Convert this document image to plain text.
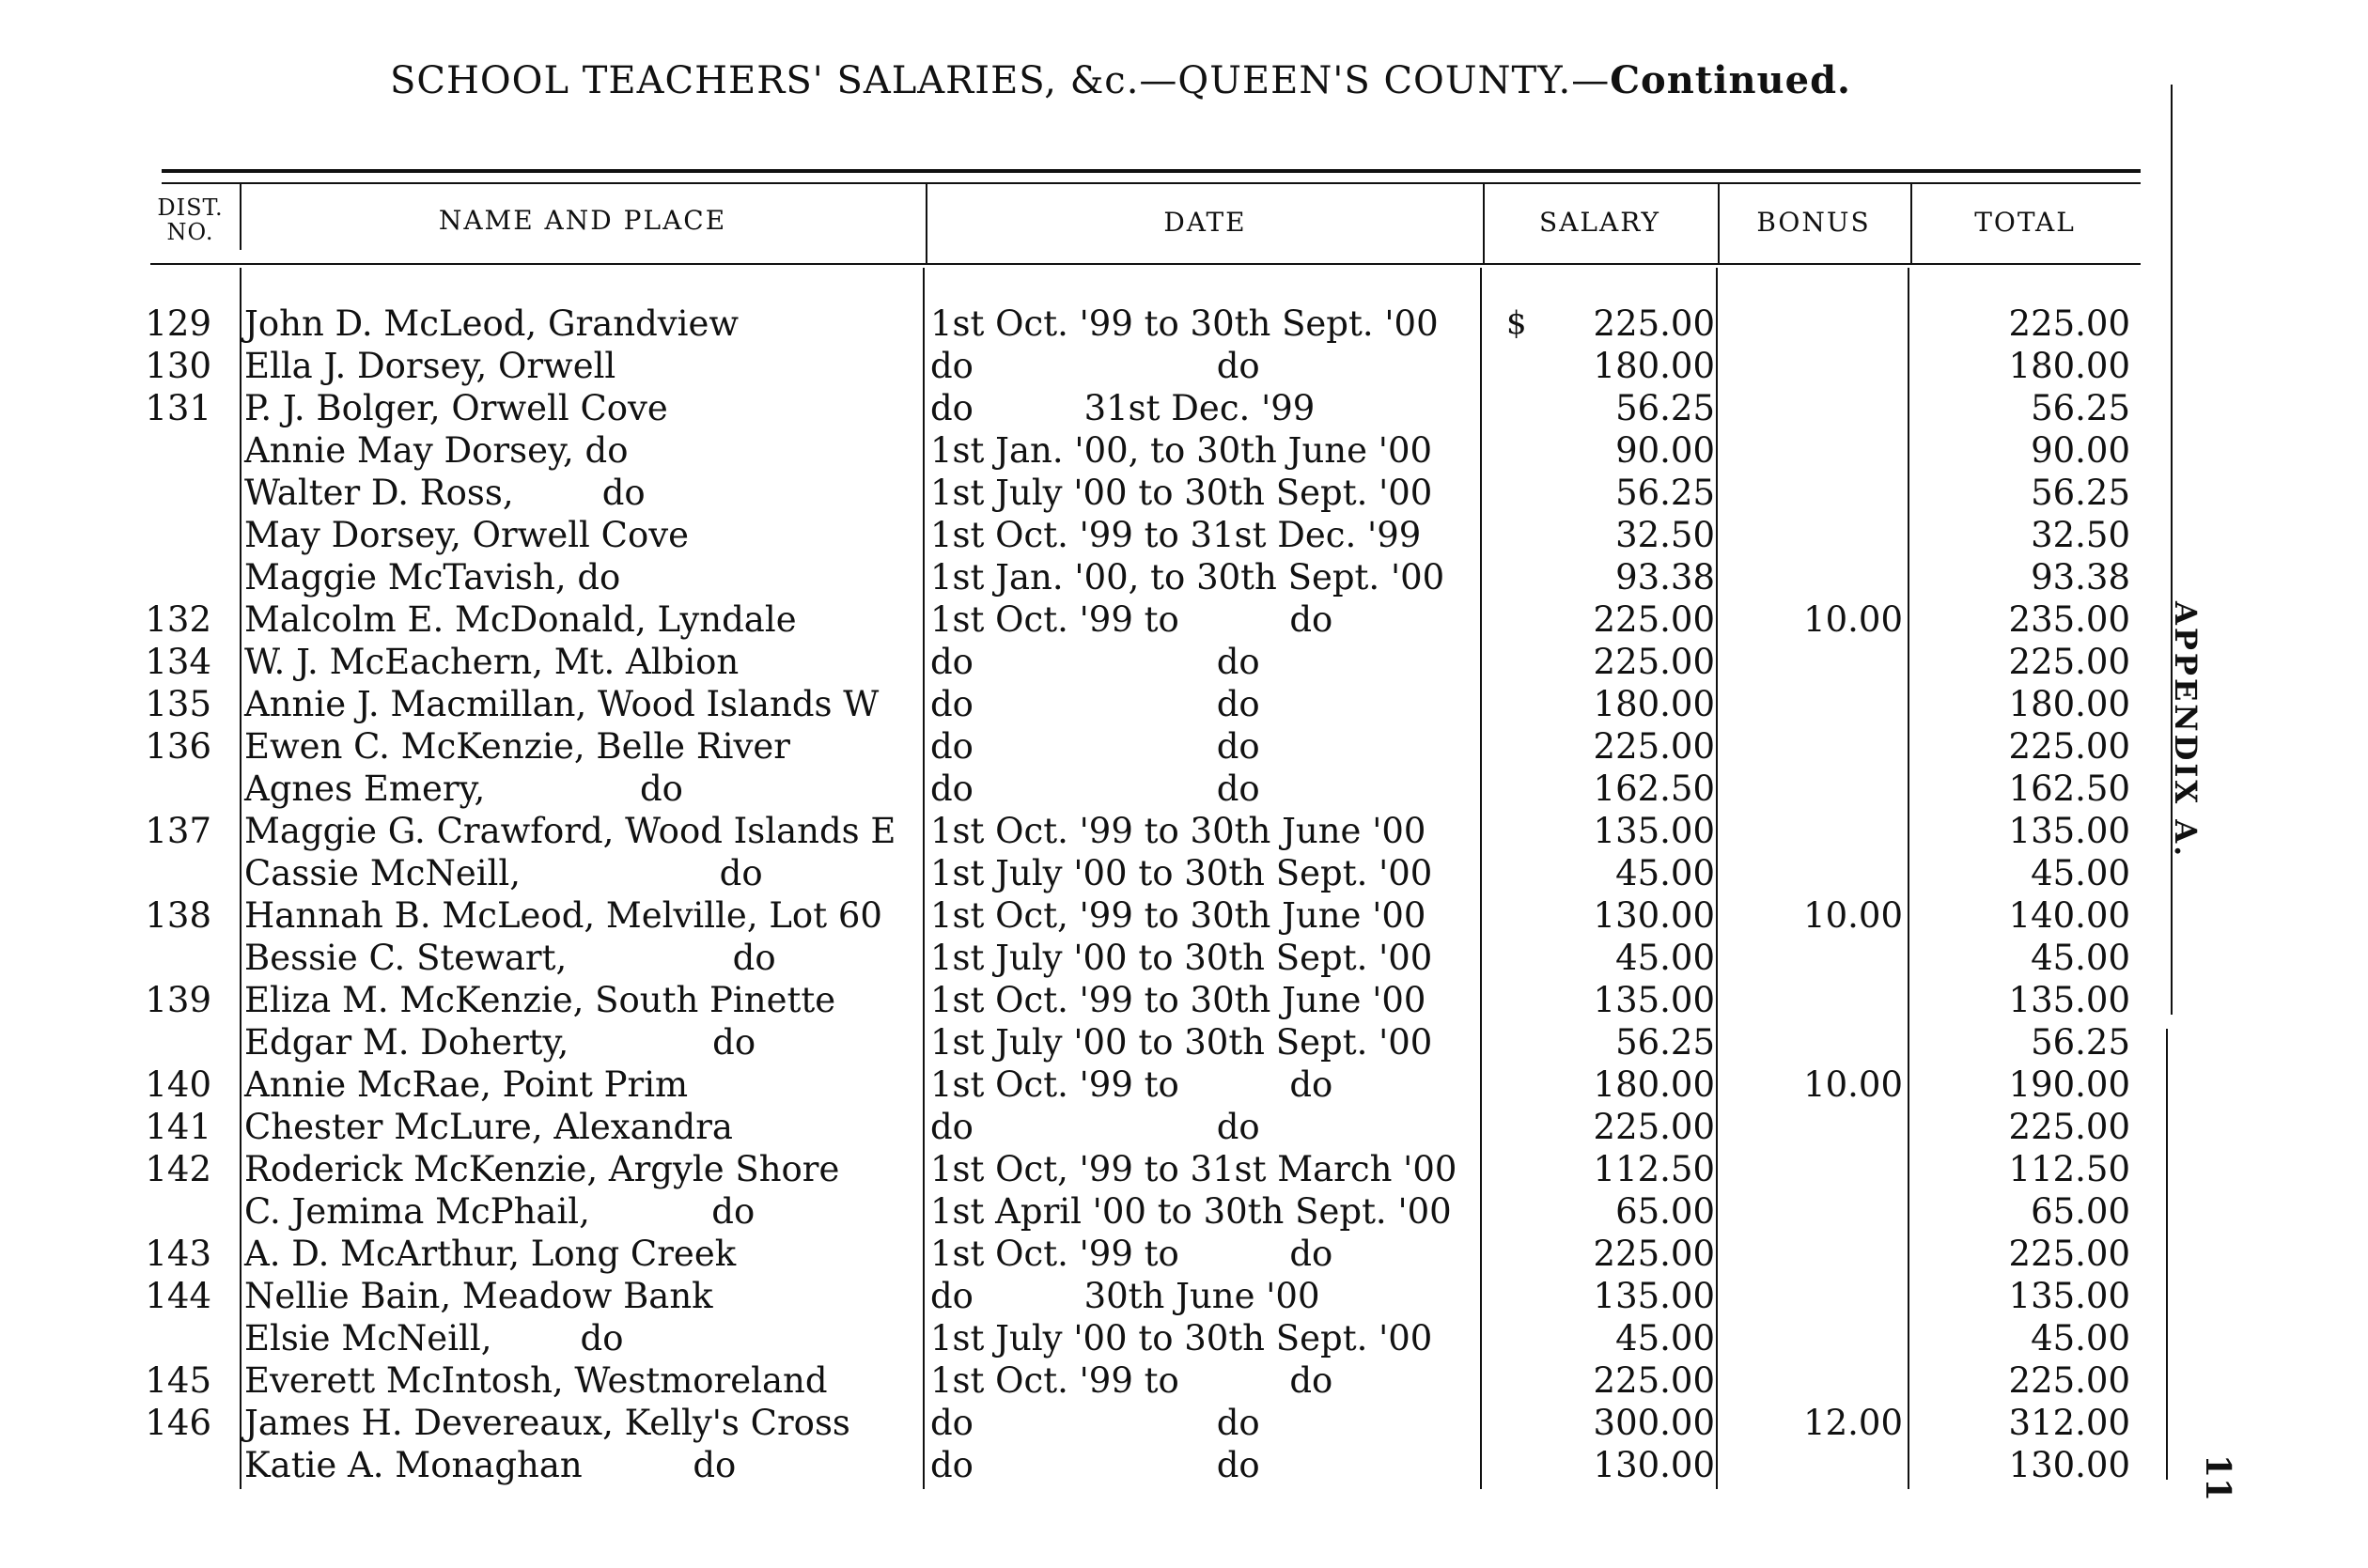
SCHOOL TEACHERS' SALARIES, &c.—QUEEN'S COUNTY.—Continued.
DIST.
NO.	NAME AND PLACE	DATE	SALARY	BONUS	TOTAL
129 John D. McLeod, Grandview	1st Oct. '99 to 30th Sept. '00	225.00	225.00
$
130 Ella J. Dorsey, Orwell	do                      do	180.00	180.00
131 P. J. Bolger, Orwell Cove	do          31st Dec. '99	56.25	56.25
Annie May Dorsey, do	1st Jan. '00, to 30th June '00	90.00	90.00
Walter D. Ross,        do	1st July '00 to 30th Sept. '00	56.25	56.25
May Dorsey, Orwell Cove	1st Oct. '99 to 31st Dec. '99	32.50	32.50
Maggie McTavish, do	1st Jan. '00, to 30th Sept. '00	93.38	93.38
132 Malcolm E. McDonald, Lyndale	1st Oct. '99 to          do	225.00	10.00	235.00
134 W. J. McEachern, Mt. Albion	do                      do	225.00	225.00
135 Annie J. Macmillan, Wood Islands W	do                      do	180.00	180.00
136 Ewen C. McKenzie, Belle River	do                      do	225.00	225.00
Agnes Emery,              do	do                      do	162.50	162.50
137 Maggie G. Crawford, Wood Islands E 1st Oct. '99 to 30th June '00	135.00	135.00
Cassie McNeill,                  do	1st July '00 to 30th Sept. '00	45.00	45.00
138 Hannah B. McLeod, Melville, Lot 60	1st Oct, '99 to 30th June '00	130.00	10.00	140.00
Bessie C. Stewart,               do	1st July '00 to 30th Sept. '00	45.00	45.00
139 Eliza M. McKenzie, South Pinette	1st Oct. '99 to 30th June '00	135.00	135.00
Edgar M. Doherty,             do	1st July '00 to 30th Sept. '00	56.25	56.25
140 Annie McRae, Point Prim	1st Oct. '99 to          do	180.00	10.00	190.00
141 Chester McLure, Alexandra	do                      do	225.00	225.00
142 Roderick McKenzie, Argyle Shore	1st Oct, '99 to 31st March '00	112.50	112.50
C. Jemima McPhail,           do	1st April '00 to 30th Sept. '00	65.00	65.00
143 A. D. McArthur, Long Creek	1st Oct. '99 to          do	225.00	225.00
144 Nellie Bain, Meadow Bank	do          30th June '00	135.00	135.00
Elsie McNeill,        do	1st July '00 to 30th Sept. '00	45.00	45.00
145 Everett McIntosh, Westmoreland	1st Oct. '99 to          do	225.00	225.00
146 James H. Devereaux, Kelly's Cross	do                      do	300.00	12.00	312.00
Katie A. Monaghan          do	do                      do	130.00	130.00
APPENDIX A.
11
